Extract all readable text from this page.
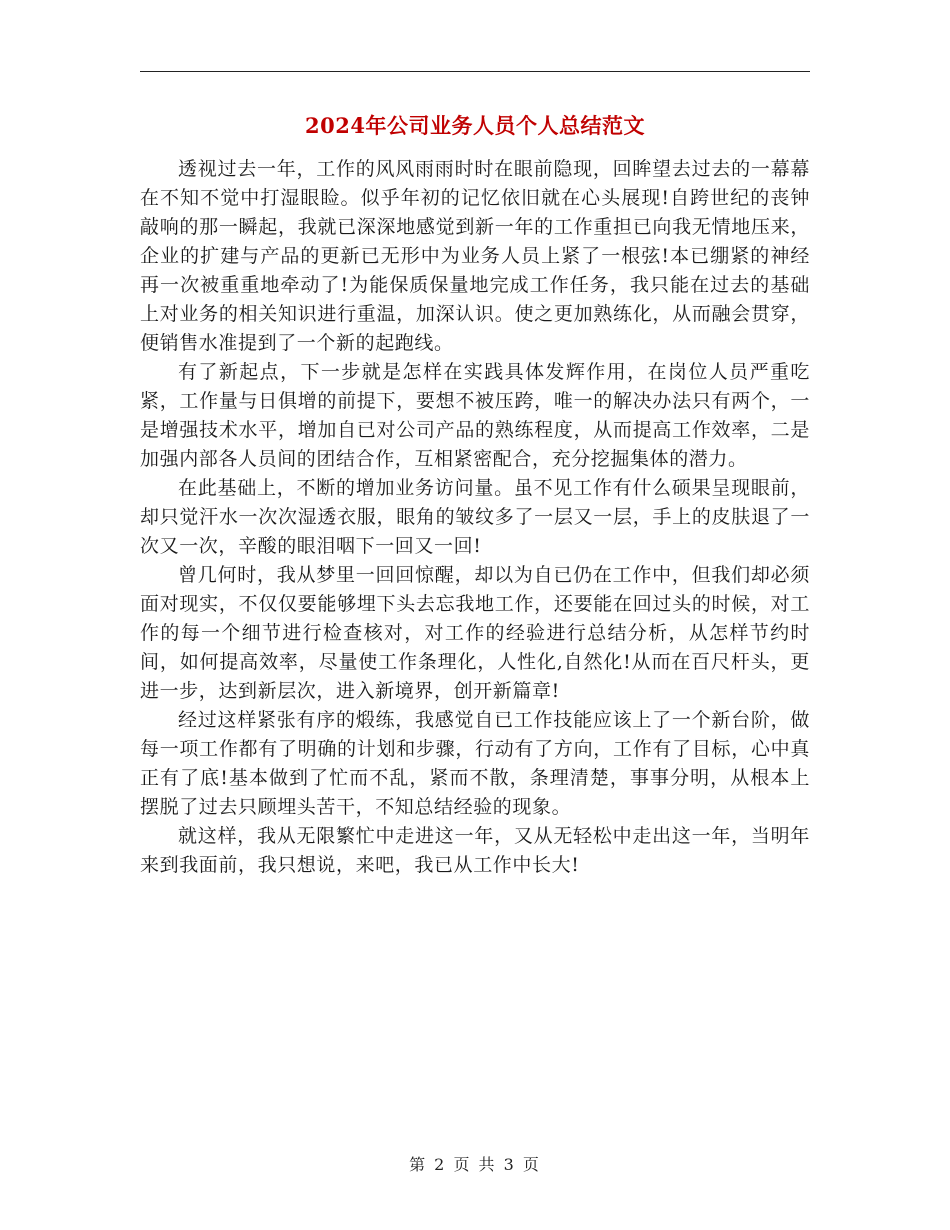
2024年公司业务人员个人总结范文

透视过去一年，工作的风风雨雨时时在眼前隐现，回眸望去过去的一幕幕在不知不觉中打湿眼睑。似乎年初的记忆依旧就在心头展现!自跨世纪的丧钟敲响的那一瞬起，我就已深深地感觉到新一年的工作重担已向我无情地压来，企业的扩建与产品的更新已无形中为业务人员上紧了一根弦!本已绷紧的神经再一次被重重地牵动了!为能保质保量地完成工作任务，我只能在过去的基础上对业务的相关知识进行重温，加深认识。使之更加熟练化，从而融会贯穿，便销售水准提到了一个新的起跑线。

有了新起点，下一步就是怎样在实践具体发辉作用，在岗位人员严重吃紧，工作量与日俱增的前提下，要想不被压跨，唯一的解决办法只有两个，一是增强技术水平，增加自已对公司产品的熟练程度，从而提高工作效率，二是加强内部各人员间的团结合作，互相紧密配合，充分挖掘集体的潜力。

在此基础上，不断的增加业务访问量。虽不见工作有什么硕果呈现眼前，却只觉汗水一次次湿透衣服，眼角的皱纹多了一层又一层，手上的皮肤退了一次又一次，辛酸的眼泪咽下一回又一回!

曾几何时，我从梦里一回回惊醒，却以为自已仍在工作中，但我们却必须面对现实，不仅仅要能够埋下头去忘我地工作，还要能在回过头的时候，对工作的每一个细节进行检查核对，对工作的经验进行总结分析，从怎样节约时间，如何提高效率，尽量使工作条理化，人性化,自然化!从而在百尺杆头，更进一步，达到新层次，进入新境界，创开新篇章!

经过这样紧张有序的煅练，我感觉自已工作技能应该上了一个新台阶，做每一项工作都有了明确的计划和步骤，行动有了方向，工作有了目标，心中真正有了底!基本做到了忙而不乱，紧而不散，条理清楚，事事分明，从根本上摆脱了过去只顾埋头苦干，不知总结经验的现象。

就这样，我从无限繁忙中走进这一年，又从无轻松中走出这一年，当明年来到我面前，我只想说，来吧，我已从工作中长大!

第 2 页 共 3 页
